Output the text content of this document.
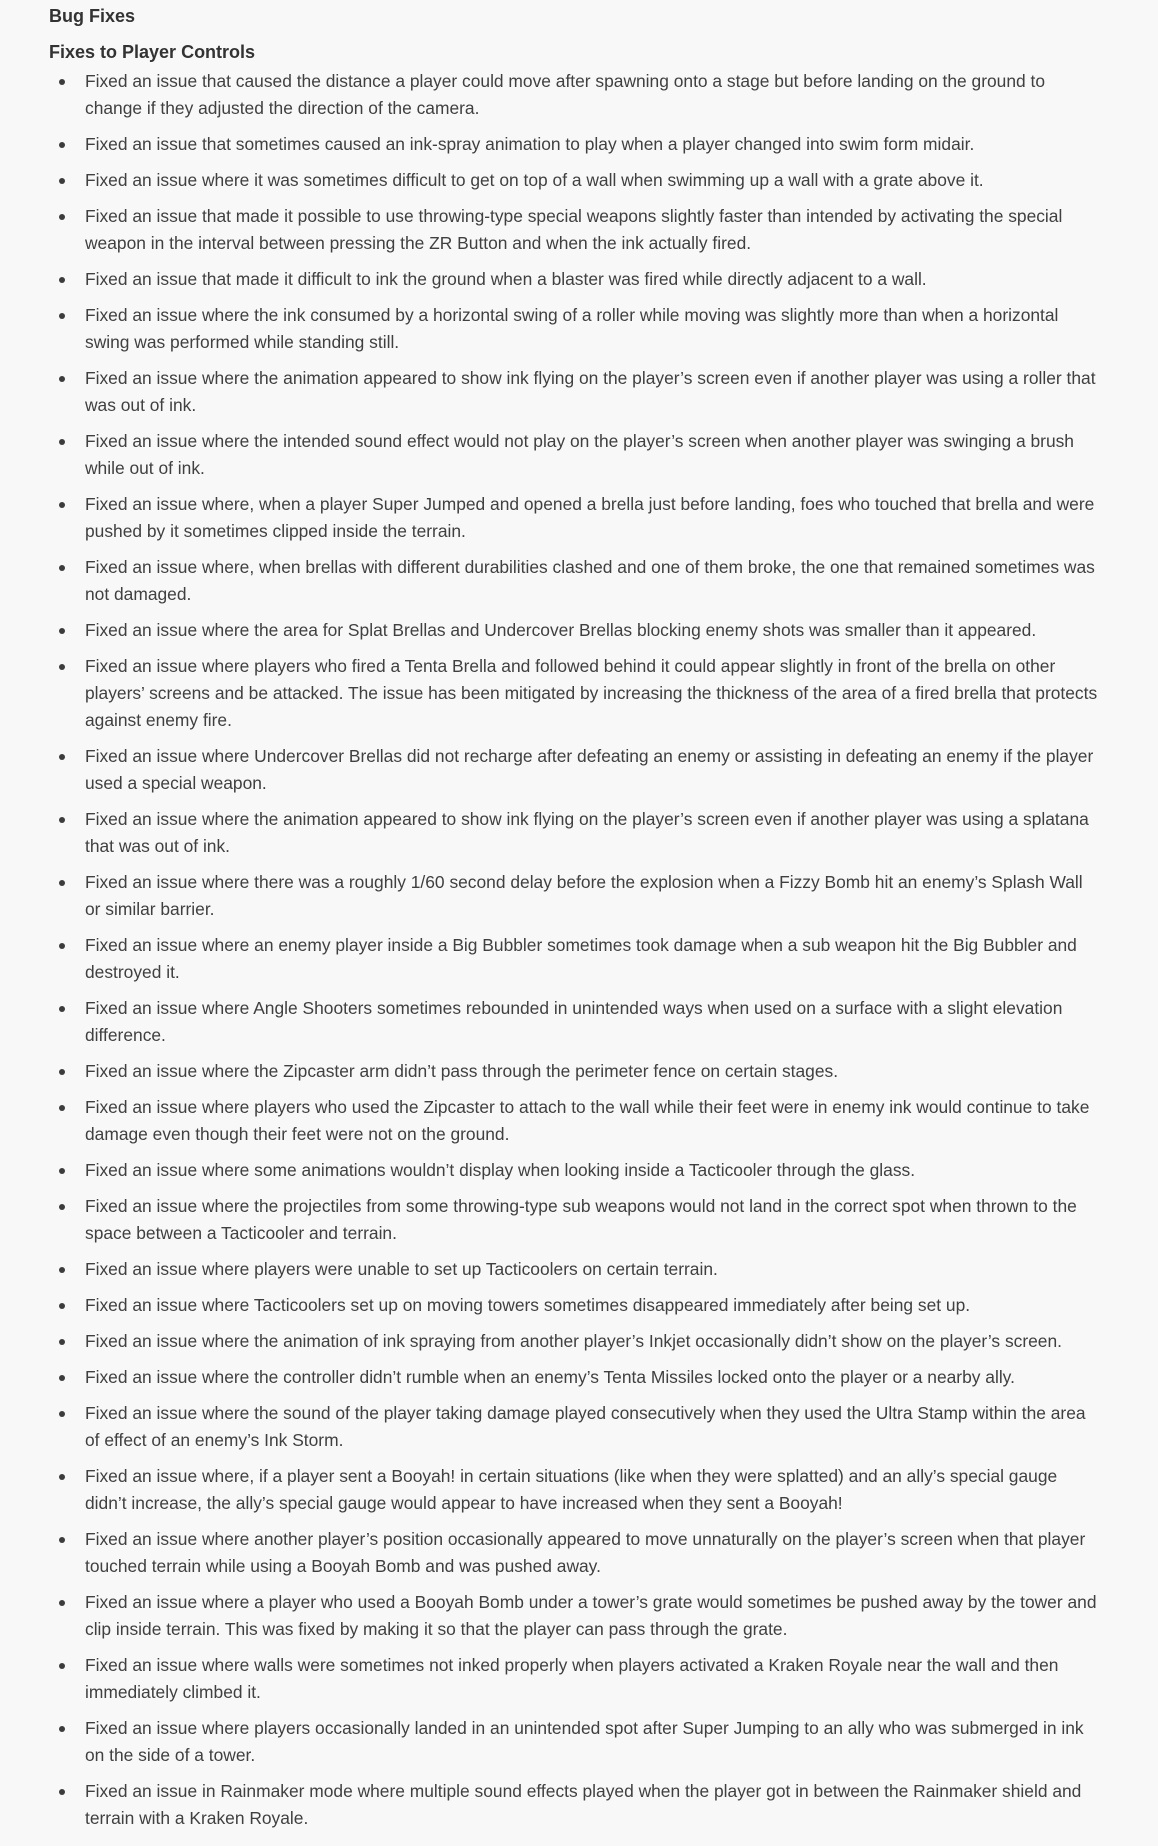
Bug Fixes
Fixes to Player Controls
Fixed an issue that caused the distance a player could move after spawning onto a stage but before landing on the ground to change if they adjusted the direction of the camera.
Fixed an issue that sometimes caused an ink-spray animation to play when a player changed into swim form midair.
Fixed an issue where it was sometimes difficult to get on top of a wall when swimming up a wall with a grate above it.
Fixed an issue that made it possible to use throwing-type special weapons slightly faster than intended by activating the special weapon in the interval between pressing the ZR Button and when the ink actually fired.
Fixed an issue that made it difficult to ink the ground when a blaster was fired while directly adjacent to a wall.
Fixed an issue where the ink consumed by a horizontal swing of a roller while moving was slightly more than when a horizontal swing was performed while standing still.
Fixed an issue where the animation appeared to show ink flying on the player’s screen even if another player was using a roller that was out of ink.
Fixed an issue where the intended sound effect would not play on the player’s screen when another player was swinging a brush while out of ink.
Fixed an issue where, when a player Super Jumped and opened a brella just before landing, foes who touched that brella and were pushed by it sometimes clipped inside the terrain.
Fixed an issue where, when brellas with different durabilities clashed and one of them broke, the one that remained sometimes was not damaged.
Fixed an issue where the area for Splat Brellas and Undercover Brellas blocking enemy shots was smaller than it appeared.
Fixed an issue where players who fired a Tenta Brella and followed behind it could appear slightly in front of the brella on other players’ screens and be attacked. The issue has been mitigated by increasing the thickness of the area of a fired brella that protects against enemy fire.
Fixed an issue where Undercover Brellas did not recharge after defeating an enemy or assisting in defeating an enemy if the player used a special weapon.
Fixed an issue where the animation appeared to show ink flying on the player’s screen even if another player was using a splatana that was out of ink.
Fixed an issue where there was a roughly 1/60 second delay before the explosion when a Fizzy Bomb hit an enemy’s Splash Wall or similar barrier.
Fixed an issue where an enemy player inside a Big Bubbler sometimes took damage when a sub weapon hit the Big Bubbler and destroyed it.
Fixed an issue where Angle Shooters sometimes rebounded in unintended ways when used on a surface with a slight elevation difference.
Fixed an issue where the Zipcaster arm didn’t pass through the perimeter fence on certain stages.
Fixed an issue where players who used the Zipcaster to attach to the wall while their feet were in enemy ink would continue to take damage even though their feet were not on the ground.
Fixed an issue where some animations wouldn’t display when looking inside a Tacticooler through the glass.
Fixed an issue where the projectiles from some throwing-type sub weapons would not land in the correct spot when thrown to the space between a Tacticooler and terrain.
Fixed an issue where players were unable to set up Tacticoolers on certain terrain.
Fixed an issue where Tacticoolers set up on moving towers sometimes disappeared immediately after being set up.
Fixed an issue where the animation of ink spraying from another player’s Inkjet occasionally didn’t show on the player’s screen.
Fixed an issue where the controller didn’t rumble when an enemy’s Tenta Missiles locked onto the player or a nearby ally.
Fixed an issue where the sound of the player taking damage played consecutively when they used the Ultra Stamp within the area of effect of an enemy’s Ink Storm.
Fixed an issue where, if a player sent a Booyah! in certain situations (like when they were splatted) and an ally’s special gauge didn’t increase, the ally’s special gauge would appear to have increased when they sent a Booyah!
Fixed an issue where another player’s position occasionally appeared to move unnaturally on the player’s screen when that player touched terrain while using a Booyah Bomb and was pushed away.
Fixed an issue where a player who used a Booyah Bomb under a tower’s grate would sometimes be pushed away by the tower and clip inside terrain. This was fixed by making it so that the player can pass through the grate.
Fixed an issue where walls were sometimes not inked properly when players activated a Kraken Royale near the wall and then immediately climbed it.
Fixed an issue where players occasionally landed in an unintended spot after Super Jumping to an ally who was submerged in ink on the side of a tower.
Fixed an issue in Rainmaker mode where multiple sound effects played when the player got in between the Rainmaker shield and terrain with a Kraken Royale.
